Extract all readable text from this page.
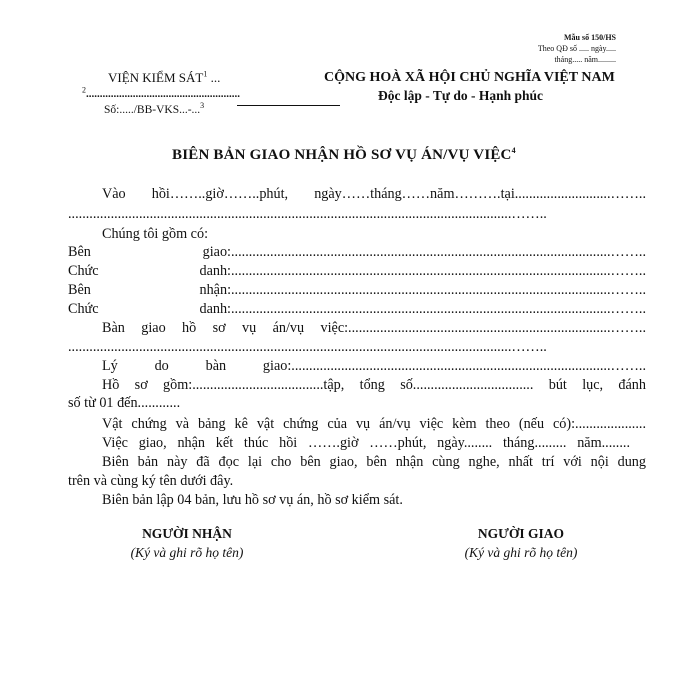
Mẫu số 150/HS
Theo QĐ số ..... ngày.....
tháng..... năm.........
VIỆN KIỂM SÁT$^1$ ...
$^2$........................................................
Số:...../BB-VKS...-...$^3$
CỘNG HOÀ XÃ HỘI CHỦ NGHĨA VIỆT NAM
Độc lập - Tự do - Hạnh phúc
BIÊN BẢN GIAO NHẬN HỒ SƠ VỤ ÁN/VỤ VIỆC$^4$
Vào hồi……..giờ……..phút, ngày……tháng……năm……….tại...........................……..
.............................................................................................................................……..
Chúng tôi gồm có:
Bên giao:...........................................................................................................……..
Chức danh:...........................................................................................................……..
Bên nhận:...........................................................................................................……..
Chức danh:...........................................................................................................……..
Bàn giao hồ sơ vụ án/vụ việc:..........................................................................……..
.............................................................................................................................……..
Lý do bàn giao:..........................................................................................……..
Hồ sơ gồm:.....................................tập, tổng số.................................. bút lục, đánh
số từ 01 đến............
Vật chứng và bảng kê vật chứng của vụ án/vụ việc kèm theo (nếu có):....................
Việc giao, nhận kết thúc hồi …….giờ ……phút, ngày........ tháng......... năm........
Biên bản này đã đọc lại cho bên giao, bên nhận cùng nghe, nhất trí với nội dung
trên và cùng ký tên dưới đây.
Biên bản lập 04 bản, lưu hồ sơ vụ án, hồ sơ kiểm sát.
NGƯỜI NHẬN
(Ký và ghi rõ họ tên)
NGƯỜI GIAO
(Ký và ghi rõ họ tên)
